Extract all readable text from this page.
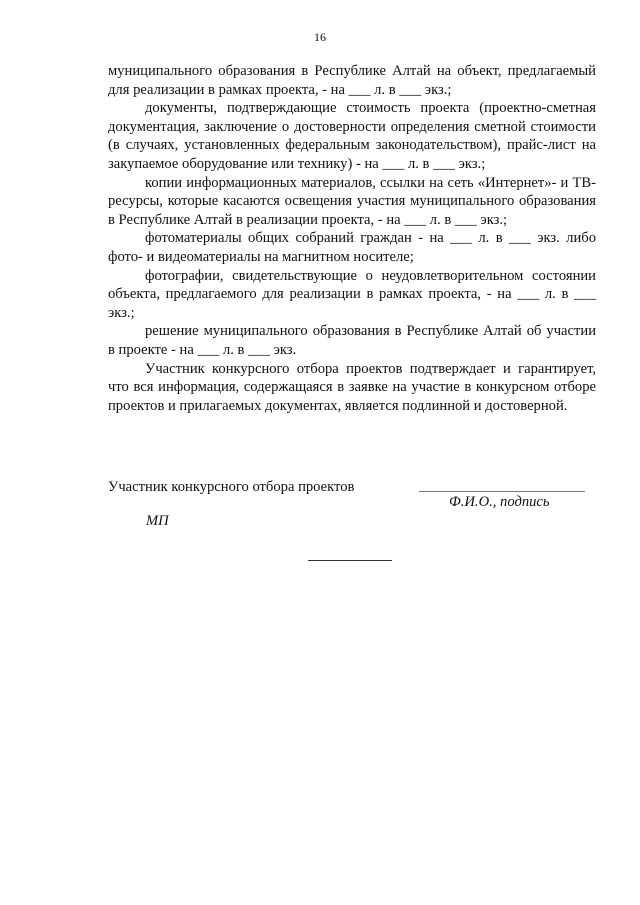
16

муниципального образования в Республике Алтай на объект, предлагаемый для реализации в рамках проекта, - на ___ л. в ___ экз.;

документы, подтверждающие стоимость проекта (проектно-сметная документация, заключение о достоверности определения сметной стоимости (в случаях, установленных федеральным законодательством), прайс-лист на закупаемое оборудование или технику) - на ___ л. в ___ экз.;

копии информационных материалов, ссылки на сеть «Интернет»- и ТВ-ресурсы, которые касаются освещения участия муниципального образования в Республике Алтай в реализации проекта, - на ___ л. в ___ экз.;

фотоматериалы общих собраний граждан - на ___ л. в ___ экз. либо фото- и видеоматериалы на магнитном носителе;

фотографии, свидетельствующие о неудовлетворительном состоянии объекта, предлагаемого для реализации в рамках проекта, - на ___ л. в ___ экз.;

решение муниципального образования в Республике Алтай об участии в проекте - на ___ л. в ___ экз.

Участник конкурсного отбора проектов подтверждает и гарантирует, что вся информация, содержащаяся в заявке на участие в конкурсном отборе проектов и прилагаемых документах, является подлинной и достоверной.

Участник конкурсного отбора проектов
Ф.И.О., подпись
МП
